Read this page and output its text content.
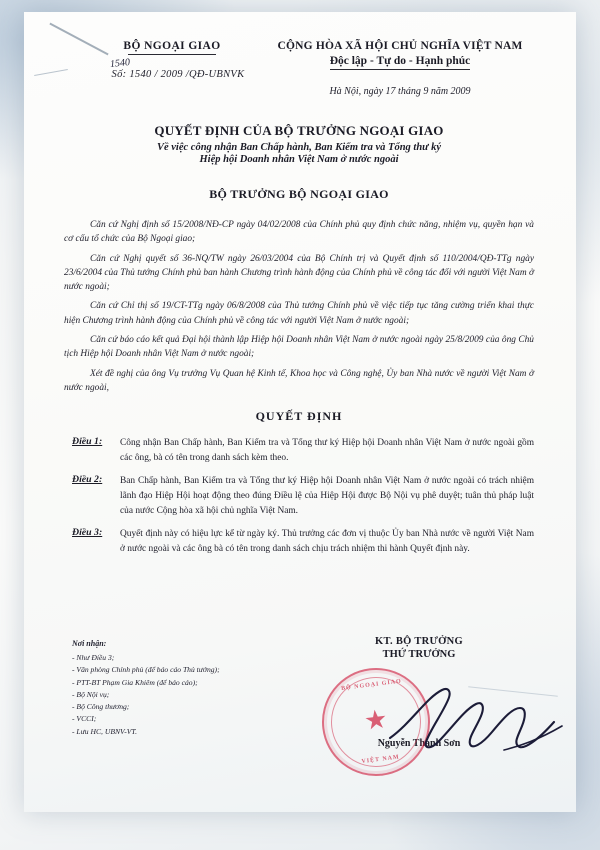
BỘ NGOẠI GIAO
Số: 1540 / 2009 /QĐ-UBNVK
CỘNG HÒA XÃ HỘI CHỦ NGHĨA VIỆT NAM
Độc lập - Tự do - Hạnh phúc
Hà Nội, ngày 17 tháng 9 năm 2009
QUYẾT ĐỊNH CỦA BỘ TRƯỞNG NGOẠI GIAO
Về việc công nhận Ban Chấp hành, Ban Kiểm tra và Tổng thư ký
Hiệp hội Doanh nhân Việt Nam ở nước ngoài
BỘ TRƯỞNG BỘ NGOẠI GIAO

Căn cứ Nghị định số 15/2008/NĐ-CP ngày 04/02/2008 của Chính phủ quy định chức năng, nhiệm vụ, quyền hạn và cơ cấu tổ chức của Bộ Ngoại giao;

Căn cứ Nghị quyết số 36-NQ/TW ngày 26/03/2004 của Bộ Chính trị và Quyết định số 110/2004/QĐ-TTg ngày 23/6/2004 của Thủ tướng Chính phủ ban hành Chương trình hành động của Chính phủ về công tác đối với người Việt Nam ở nước ngoài;

Căn cứ Chỉ thị số 19/CT-TTg ngày 06/8/2008 của Thủ tướng Chính phủ về việc tiếp tục tăng cường triển khai thực hiện Chương trình hành động của Chính phủ về công tác với người Việt Nam ở nước ngoài;

Căn cứ báo cáo kết quả Đại hội thành lập Hiệp hội Doanh nhân Việt Nam ở nước ngoài ngày 25/8/2009 của ông Chủ tịch Hiệp hội Doanh nhân Việt Nam ở nước ngoài;

Xét đề nghị của ông Vụ trưởng Vụ Quan hệ Kinh tế, Khoa học và Công nghệ, Ủy ban Nhà nước về người Việt Nam ở nước ngoài,

QUYẾT ĐỊNH
Điều 1:	Công nhận Ban Chấp hành, Ban Kiểm tra và Tổng thư ký Hiệp hội Doanh nhân Việt Nam ở nước ngoài gồm các ông, bà có tên trong danh sách kèm theo.
Điều 2:	Ban Chấp hành, Ban Kiểm tra và Tổng thư ký Hiệp hội Doanh nhân Việt Nam ở nước ngoài có trách nhiệm lãnh đạo Hiệp Hội hoạt động theo đúng Điều lệ của Hiệp Hội được Bộ Nội vụ phê duyệt; tuân thủ pháp luật của nước Cộng hòa xã hội chủ nghĩa Việt Nam.
Điều 3:	Quyết định này có hiệu lực kể từ ngày ký. Thủ trưởng các đơn vị thuộc Ủy ban Nhà nước về người Việt Nam ở nước ngoài và các ông bà có tên trong danh sách chịu trách nhiệm thi hành Quyết định này.
Nơi nhận:
- Như Điều 3;
- Văn phòng Chính phủ (để báo cáo Thủ tướng);
- PTT-BT Phạm Gia Khiêm (để báo cáo);
- Bộ Nội vụ;
- Bộ Công thương;
- VCCI;
- Lưu HC, UBNV-VT.
KT. BỘ TRƯỞNG
THỨ TRƯỞNG
Nguyễn Thanh Sơn
BỘ NGOẠI GIAO
★
VIỆT NAM
1540
